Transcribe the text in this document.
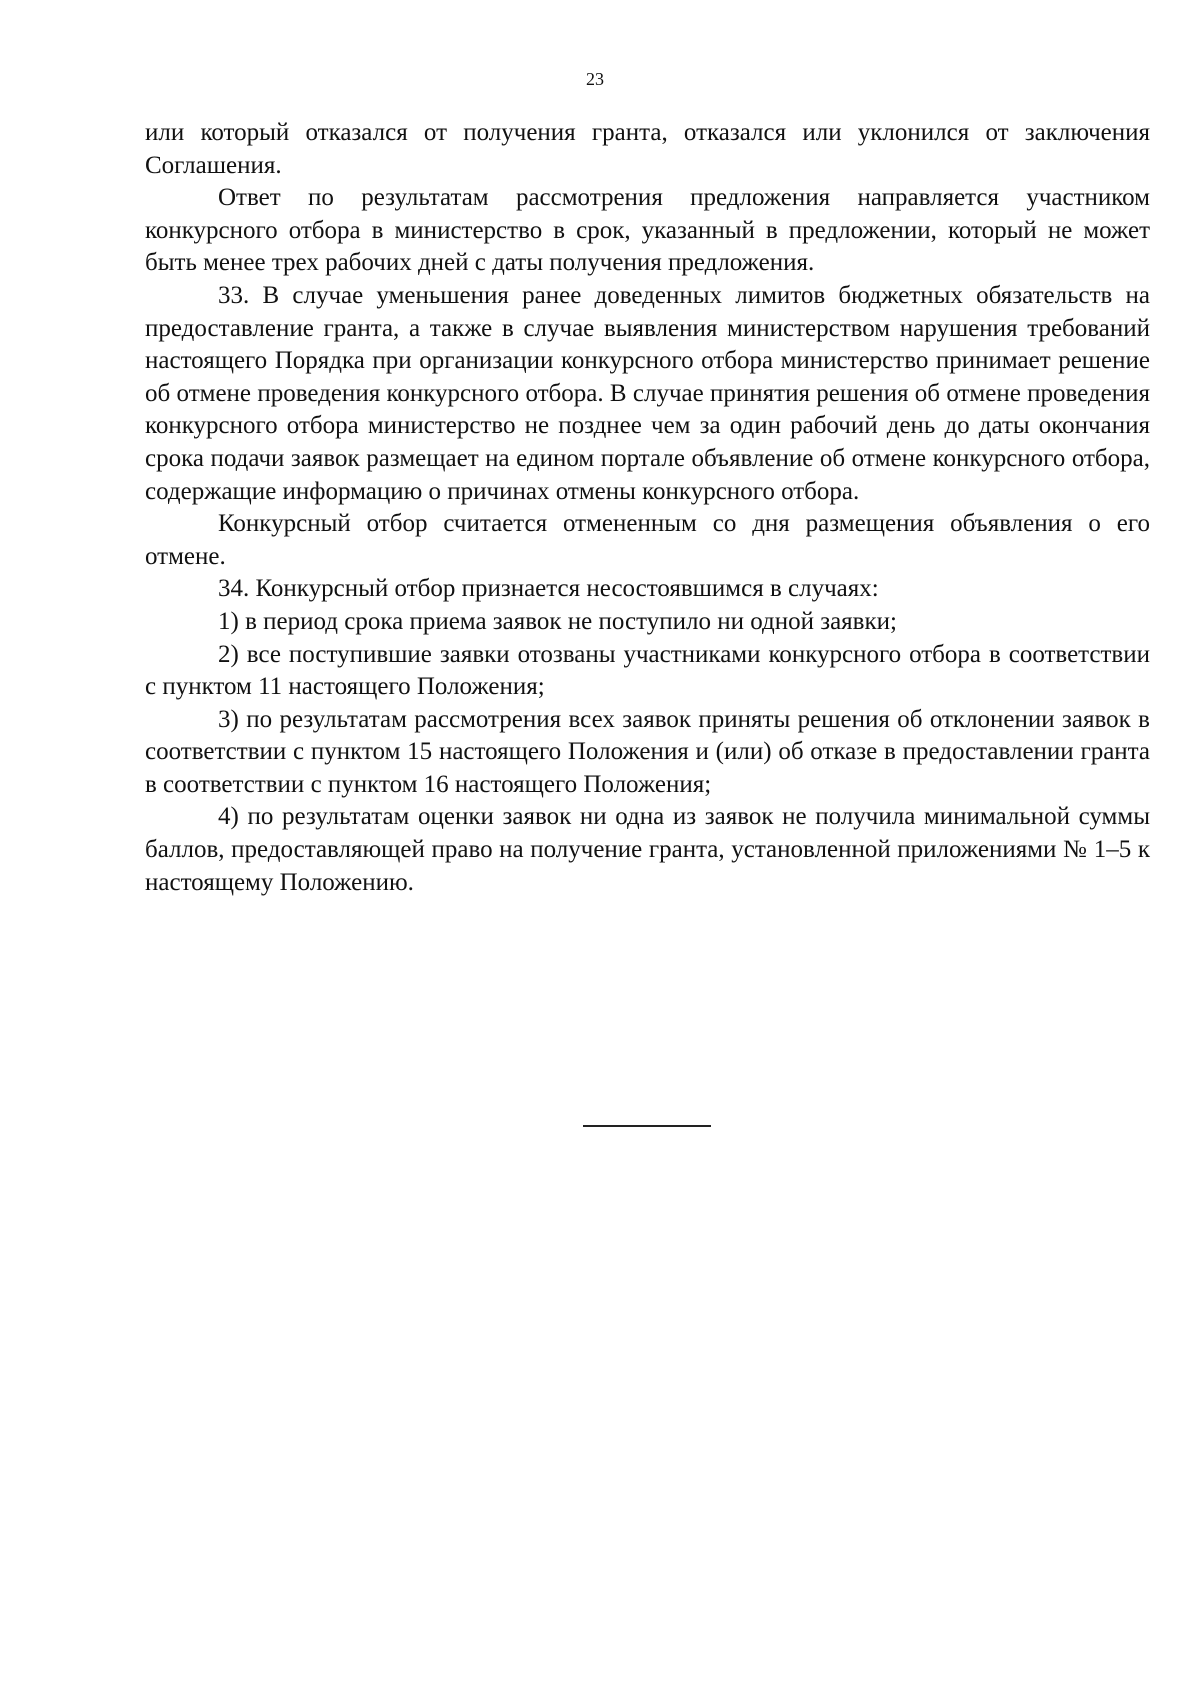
23

или который отказался от получения гранта, отказался или уклонился от заключения Соглашения.

Ответ по результатам рассмотрения предложения направляется участником конкурсного отбора в министерство в срок, указанный в предложении, который не может быть менее трех рабочих дней с даты получения предложения.

33. В случае уменьшения ранее доведенных лимитов бюджетных обязательств на предоставление гранта, а также в случае выявления министерством нарушения требований настоящего Порядка при организации конкурсного отбора министерство принимает решение об отмене проведения конкурсного отбора. В случае принятия решения об отмене проведения конкурсного отбора министерство не позднее чем за один рабочий день до даты окончания срока подачи заявок размещает на едином портале объявление об отмене конкурсного отбора, содержащие информацию о причинах отмены конкурсного отбора.

Конкурсный отбор считается отмененным со дня размещения объявления о его отмене.

34. Конкурсный отбор признается несостоявшимся в случаях:

1) в период срока приема заявок не поступило ни одной заявки;

2) все поступившие заявки отозваны участниками конкурсного отбора в соответствии с пунктом 11 настоящего Положения;

3) по результатам рассмотрения всех заявок приняты решения об отклонении заявок в соответствии с пунктом 15 настоящего Положения и (или) об отказе в предоставлении гранта в соответствии с пунктом 16 настоящего Положения;

4) по результатам оценки заявок ни одна из заявок не получила минимальной суммы баллов, предоставляющей право на получение гранта, установленной приложениями № 1–5 к настоящему Положению.
